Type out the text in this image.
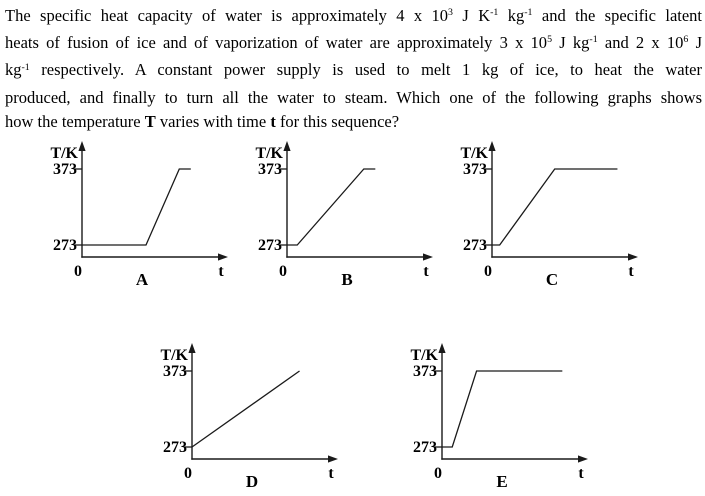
The specific heat capacity of water is approximately 4 x $10^3$ J $K^{-1}$ $kg^{-1}$ and the specific latent
heats of fusion of ice and of vaporization of water are approximately 3 x $10^5$ J $kg^{-1}$ and 2 x $10^6$ J
$kg^{-1}$ respectively. A constant power supply is used to melt 1 kg of ice, to heat the water
produced, and finally to turn all the water to steam. Which one of the following graphs shows
how the temperature T varies with time t for this sequence?
T/K
373
273
0	A	t
T/K
373
273
0	B	t
T/K
373
273
0	C	t
T/K
373
273
0	D	t
T/K
373
273
0	E	t
